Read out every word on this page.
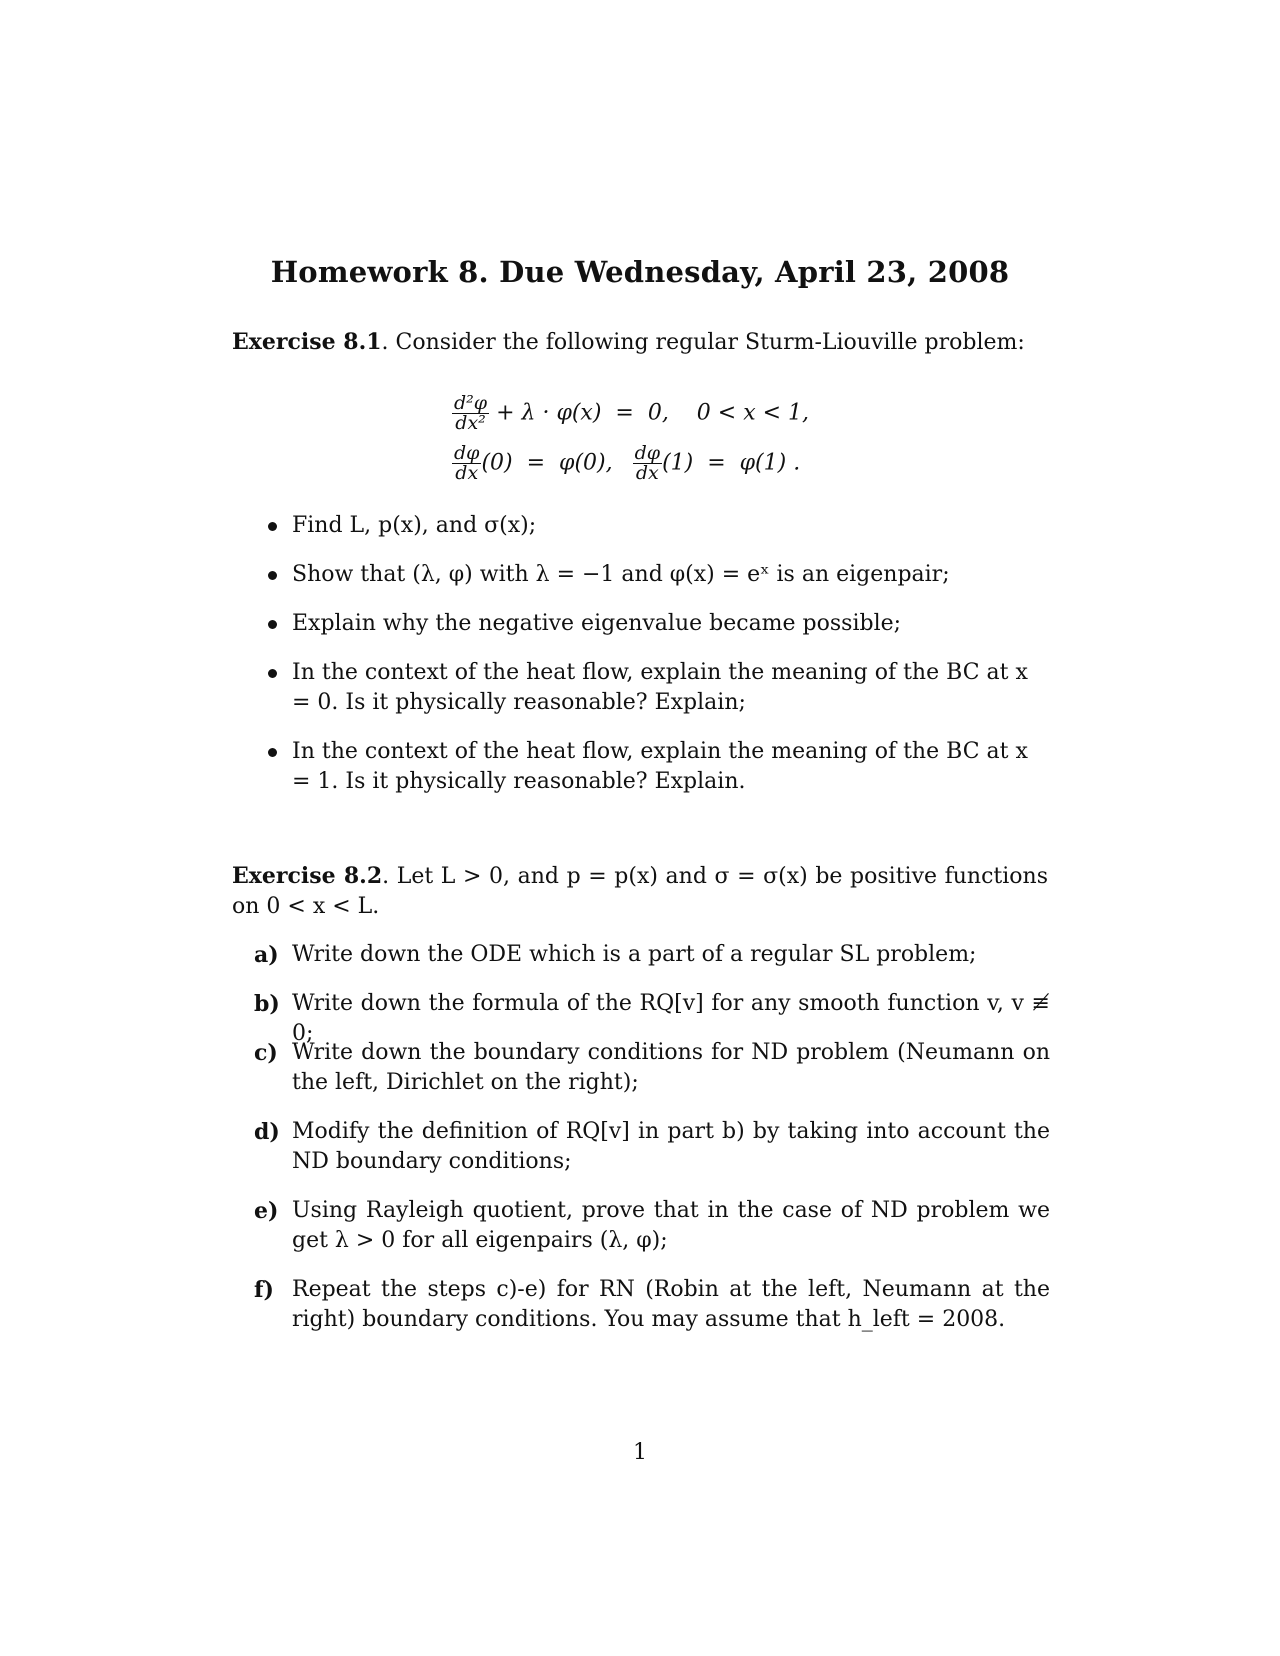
Homework 8. Due Wednesday, April 23, 2008

Exercise 8.1. Consider the following regular Sturm-Liouville problem:

$\frac{\text{d²φ}}{\text{dx²}} + \lambda \cdot \varphi(x) = 0$,    0 < x < 1,
$\frac{d\varphi}{dx} (0) = \varphi(0)$, $\frac{d\varphi}{dx} (1) = \varphi(1)$ .
Find L, p(x), and σ(x);
Show that (λ, φ) with λ = −1 and φ(x) = eˣ is an eigenpair;
Explain why the negative eigenvalue became possible;
In the context of the heat flow, explain the meaning of the BC at x = 0. Is it physically reasonable? Explain;
In the context of the heat flow, explain the meaning of the BC at x = 1. Is it physically reasonable? Explain.

Exercise 8.2. Let L > 0, and p = p(x) and σ = σ(x) be positive functions on 0 < x < L.

a) Write down the ODE which is a part of a regular SL problem;
b) Write down the formula of the RQ[v] for any smooth function v, v ≢ 0;
c) Write down the boundary conditions for ND problem (Neumann on the left, Dirichlet on the right);
d) Modify the definition of RQ[v] in part b) by taking into account the ND boundary conditions;
e) Using Rayleigh quotient, prove that in the case of ND problem we get λ > 0 for all eigenpairs (λ, φ);
f) Repeat the steps c)-e) for RN (Robin at the left, Neumann at the right) boundary conditions. You may assume that h_left = 2008.
1
